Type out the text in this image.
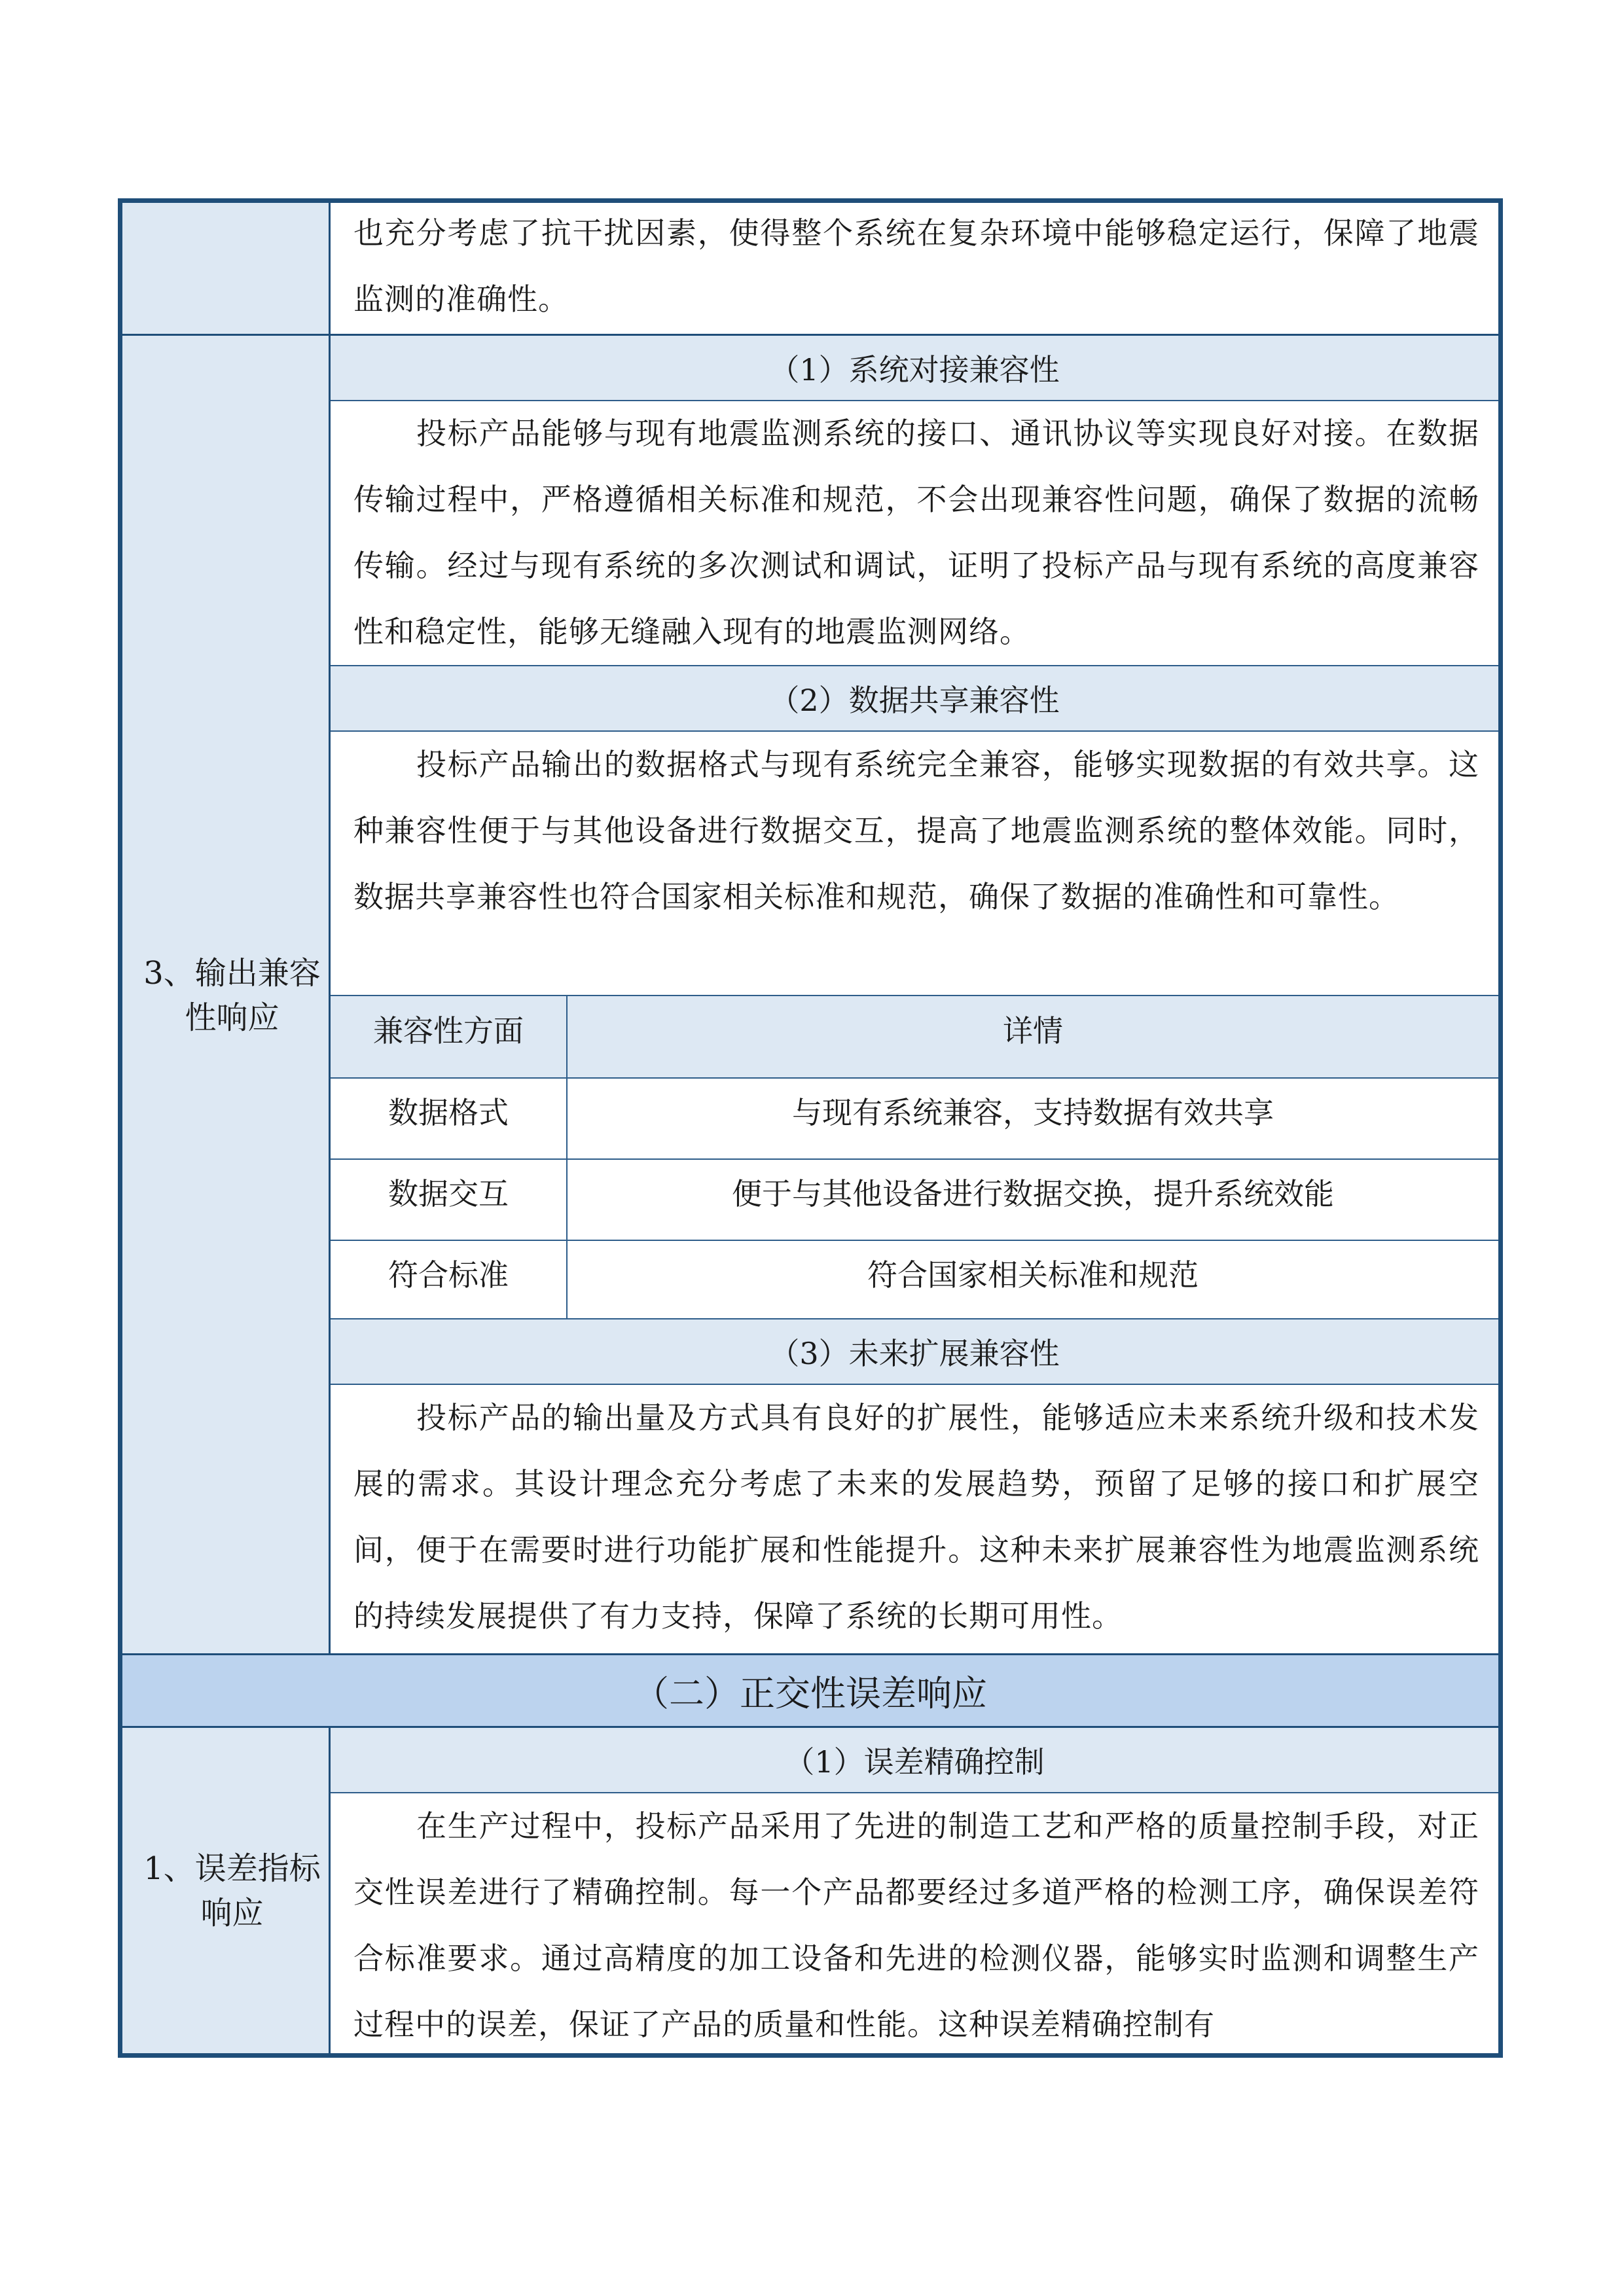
也充分考虑了抗干扰因素，使得整个系统在复杂环境中能够稳定运行，保障了地震监测的准确性。
3、输出兼容性响应
（1）系统对接兼容性
投标产品能够与现有地震监测系统的接口、通讯协议等实现良好对接。在数据传输过程中，严格遵循相关标准和规范，不会出现兼容性问题，确保了数据的流畅传输。经过与现有系统的多次测试和调试，证明了投标产品与现有系统的高度兼容性和稳定性，能够无缝融入现有的地震监测网络。
（2）数据共享兼容性
投标产品输出的数据格式与现有系统完全兼容，能够实现数据的有效共享。这种兼容性便于与其他设备进行数据交互，提高了地震监测系统的整体效能。同时，数据共享兼容性也符合国家相关标准和规范，确保了数据的准确性和可靠性。
兼容性方面	详情
数据格式	与现有系统兼容，支持数据有效共享
数据交互	便于与其他设备进行数据交换，提升系统效能
符合标准	符合国家相关标准和规范
（3）未来扩展兼容性
投标产品的输出量及方式具有良好的扩展性，能够适应未来系统升级和技术发展的需求。其设计理念充分考虑了未来的发展趋势，预留了足够的接口和扩展空间，便于在需要时进行功能扩展和性能提升。这种未来扩展兼容性为地震监测系统的持续发展提供了有力支持，保障了系统的长期可用性。
（二）正交性误差响应
1、误差指标响应
（1）误差精确控制
在生产过程中，投标产品采用了先进的制造工艺和严格的质量控制手段，对正交性误差进行了精确控制。每一个产品都要经过多道严格的检测工序，确保误差符合标准要求。通过高精度的加工设备和先进的检测仪器，能够实时监测和调整生产过程中的误差，保证了产品的质量和性能。这种误差精确控制有
